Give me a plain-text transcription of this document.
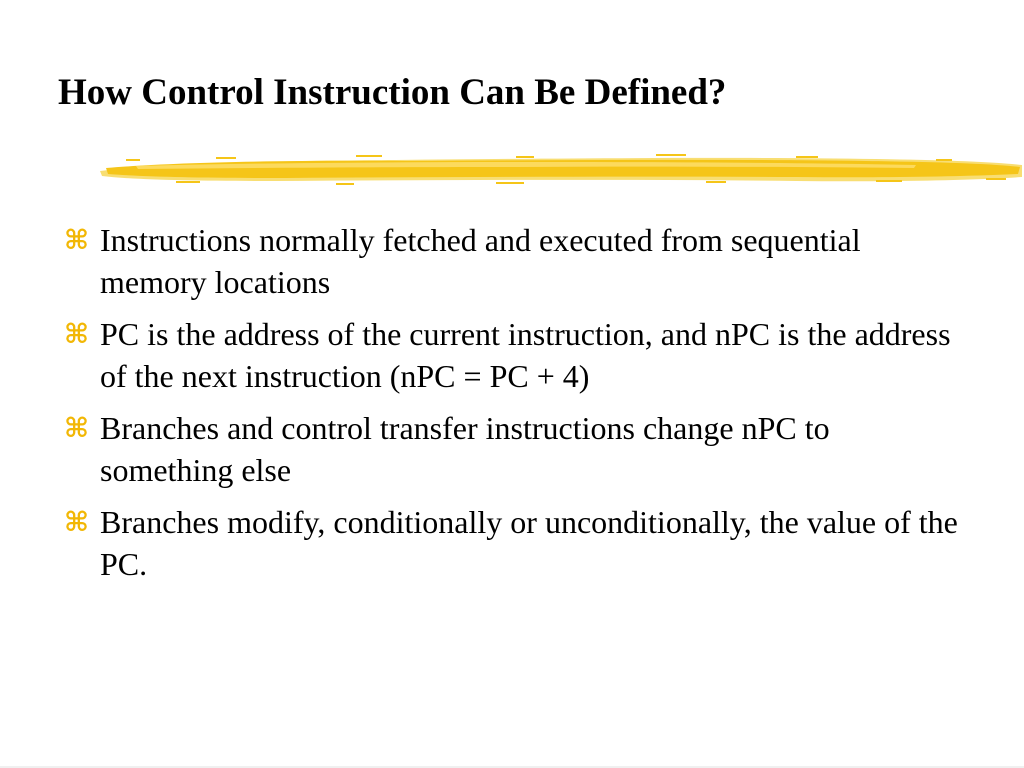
How Control Instruction Can Be Defined?
⌘ Instructions normally fetched and executed from sequential memory locations
⌘ PC is the address of the current instruction, and nPC is the address of the next instruction (nPC = PC + 4)
⌘ Branches and control transfer instructions change nPC to something else
⌘ Branches modify, conditionally or unconditionally, the value of the PC.
